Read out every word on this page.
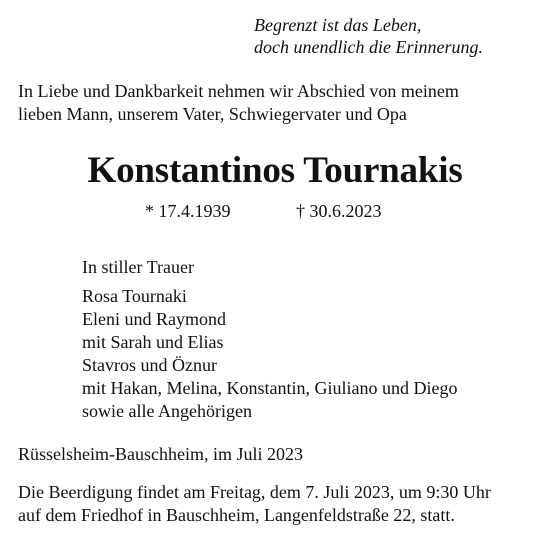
Begrenzt ist das Leben,
doch unendlich die Erinnerung.
In Liebe und Dankbarkeit nehmen wir Abschied von meinem
lieben Mann, unserem Vater, Schwiegervater und Opa
Konstantinos Tournakis
* 17.4.1939	† 30.6.2023
In stiller Trauer
Rosa Tournaki
Eleni und Raymond
mit Sarah und Elias
Stavros und Öznur
mit Hakan, Melina, Konstantin, Giuliano und Diego
sowie alle Angehörigen
Rüsselsheim-Bauschheim, im Juli 2023
Die Beerdigung findet am Freitag, dem 7. Juli 2023, um 9:30 Uhr
auf dem Friedhof in Bauschheim, Langenfeldstraße 22, statt.
